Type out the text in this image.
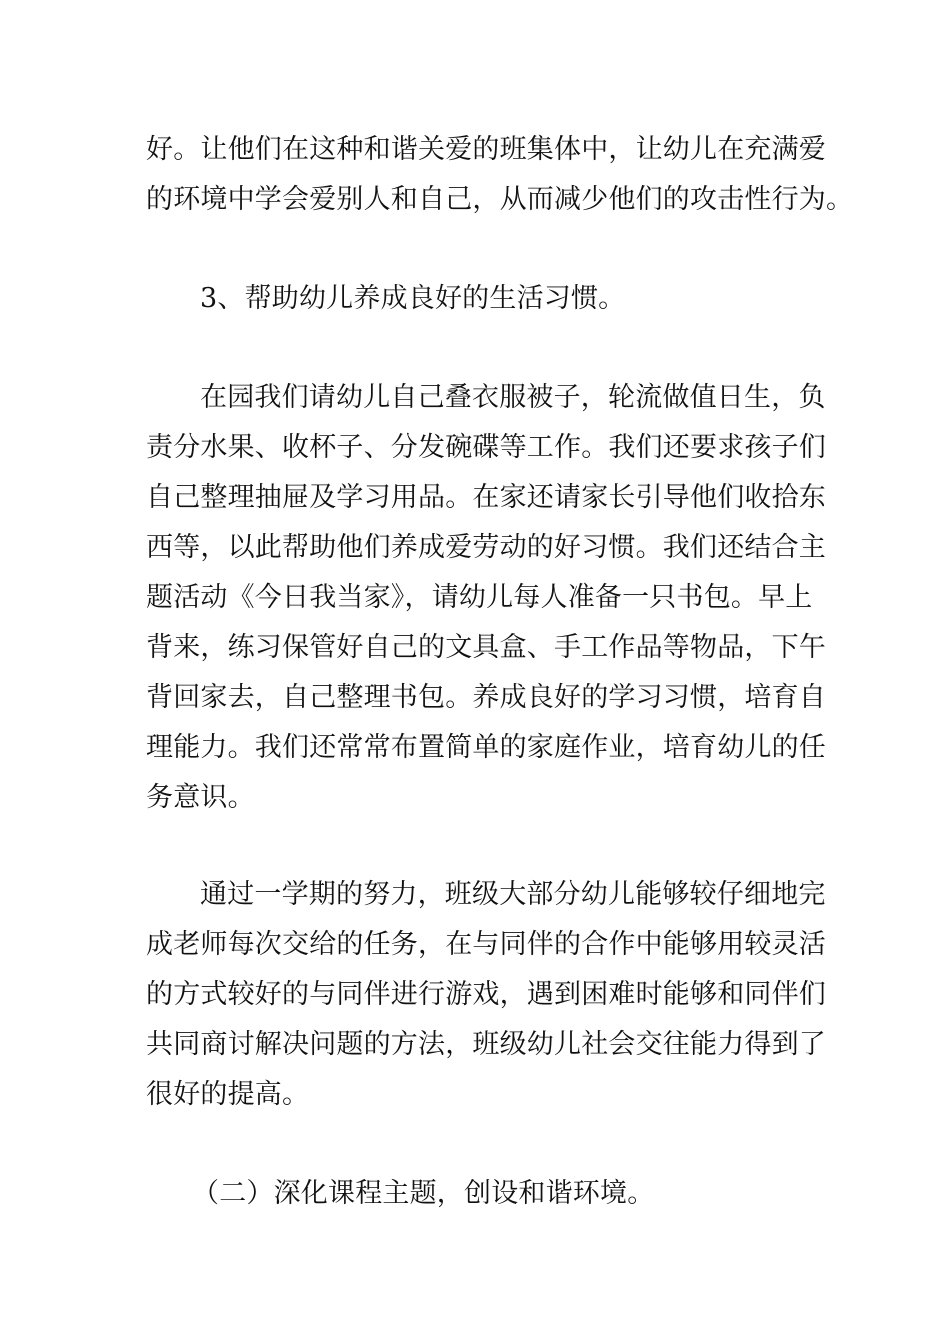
好。让他们在这种和谐关爱的班集体中，让幼儿在充满爱
的环境中学会爱别人和自己，从而减少他们的攻击性行为。
3、帮助幼儿养成良好的生活习惯。
在园我们请幼儿自己叠衣服被子，轮流做值日生，负
责分水果、收杯子、分发碗碟等工作。我们还要求孩子们
自己整理抽屉及学习用品。在家还请家长引导他们收拾东
西等，以此帮助他们养成爱劳动的好习惯。我们还结合主
题活动《今日我当家》，请幼儿每人准备一只书包。早上
背来，练习保管好自己的文具盒、手工作品等物品，下午
背回家去，自己整理书包。养成良好的学习习惯，培育自
理能力。我们还常常布置简单的家庭作业，培育幼儿的任
务意识。
通过一学期的努力，班级大部分幼儿能够较仔细地完
成老师每次交给的任务，在与同伴的合作中能够用较灵活
的方式较好的与同伴进行游戏，遇到困难时能够和同伴们
共同商讨解决问题的方法，班级幼儿社会交往能力得到了
很好的提高。
（二）深化课程主题，创设和谐环境。
